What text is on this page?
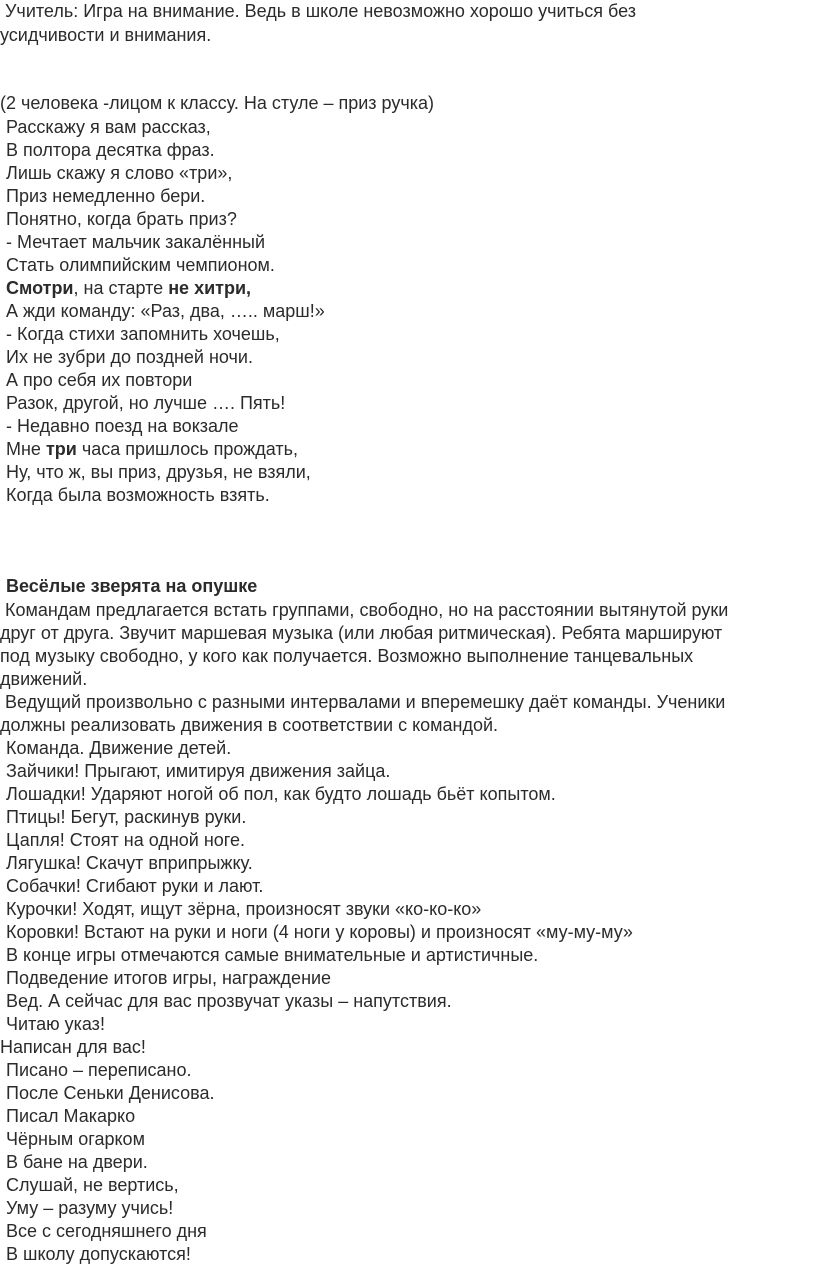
Учитель: Игра на внимание. Ведь в школе невозможно хорошо учиться без
усидчивости и внимания.
(2 человека -лицом к классу. На стуле – приз ручка)
Расскажу я вам рассказ,
В полтора десятка фраз.
Лишь скажу я слово «три»,
Приз немедленно бери.
Понятно, когда брать приз?
- Мечтает мальчик закалённый
Стать олимпийским чемпионом.
Смотри, на старте не хитри,
А жди команду: «Раз, два, ….. марш!»
- Когда стихи запомнить хочешь,
Их не зубри до поздней ночи.
А про себя их повтори
Разок, другой, но лучше …. Пять!
- Недавно поезд на вокзале
Мне три часа пришлось прождать,
Ну, что ж, вы приз, друзья, не взяли,
Когда была возможность взять.
Весёлые зверята на опушке
Командам предлагается встать группами, свободно, но на расстоянии вытянутой руки
друг от друга. Звучит маршевая музыка (или любая ритмическая). Ребята маршируют
под музыку свободно, у кого как получается. Возможно выполнение танцевальных
движений.
Ведущий произвольно с разными интервалами и вперемешку даёт команды. Ученики
должны реализовать движения в соответствии с командой.
Команда. Движение детей.
Зайчики! Прыгают, имитируя движения зайца.
Лошадки! Ударяют ногой об пол, как будто лошадь бьёт копытом.
Птицы! Бегут, раскинув руки.
Цапля! Стоят на одной ноге.
Лягушка! Скачут вприпрыжку.
Собачки! Сгибают руки и лают.
Курочки! Ходят, ищут зёрна, произносят звуки «ко-ко-ко»
Коровки! Встают на руки и ноги (4 ноги у коровы) и произносят «му-му-му»
В конце игры отмечаются самые внимательные и артистичные.
Подведение итогов игры, награждение
Вед. А сейчас для вас прозвучат указы – напутствия.
Читаю указ!
Написан для вас!
Писано – переписано.
После Сеньки Денисова.
Писал Макарко
Чёрным огарком
В бане на двери.
Слушай, не вертись,
Уму – разуму учись!
Все с сегодняшнего дня
В школу допускаются!
